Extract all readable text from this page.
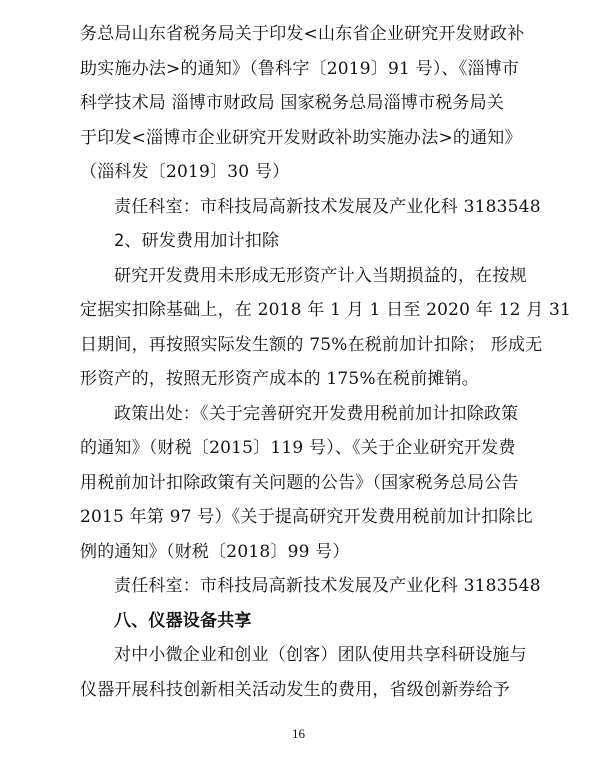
务总局山东省税务局关于印发<山东省企业研究开发财政补
助实施办法>的通知》（鲁科字〔2019〕91 号）、《淄博市
科学技术局 淄博市财政局 国家税务总局淄博市税务局关
于印发<淄博市企业研究开发财政补助实施办法>的通知》
（淄科发〔2019〕30 号）
责任科室：市科技局高新技术发展及产业化科 3183548
2、研发费用加计扣除
研究开发费用未形成无形资产计入当期损益的，在按规
定据实扣除基础上，在 2018 年 1 月 1 日至 2020 年 12 月 31
日期间，再按照实际发生额的 75%在税前加计扣除； 形成无
形资产的，按照无形资产成本的 175%在税前摊销。
政策出处：《关于完善研究开发费用税前加计扣除政策
的通知》（财税〔2015〕119 号）、《关于企业研究开发费
用税前加计扣除政策有关问题的公告》（国家税务总局公告
2015 年第 97 号）《关于提高研究开发费用税前加计扣除比
例的通知》（财税〔2018〕99 号）
责任科室：市科技局高新技术发展及产业化科 3183548
八、仪器设备共享
对中小微企业和创业（创客）团队使用共享科研设施与
仪器开展科技创新相关活动发生的费用，省级创新券给予
16
